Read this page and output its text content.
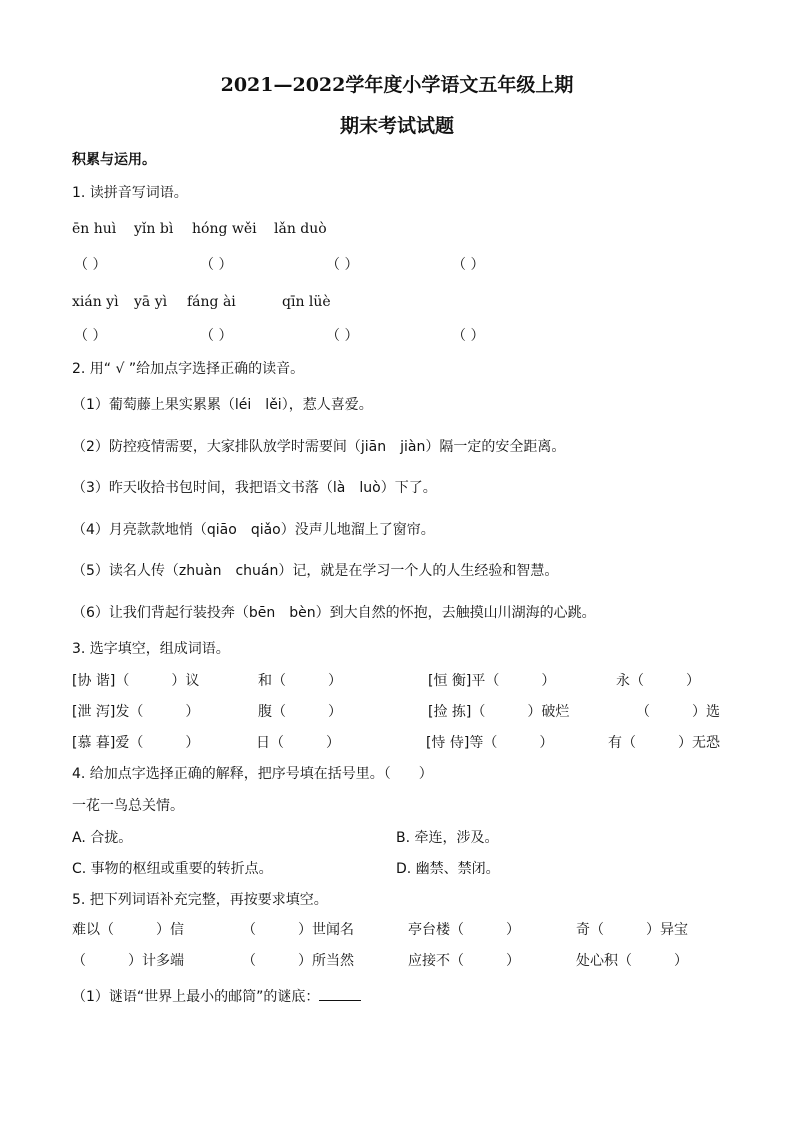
2021—2022学年度小学语文五年级上期
期末考试试题
积累与运用。
1. 读拼音写词语。
ēn huì yǐn bì hóng wěi lǎn duò
（ ）	（ ）	（ ）	（ ）
xián yì yā yì fáng ài	qīn lüè
（ ）	（ ）	（ ）	（ ）
2. 用“ √ ”给加点字选择正确的读音。
（1）葡萄藤上果实累累（léi　lěi），惹人喜爱。
（2）防控疫情需要，大家排队放学时需要间（jiān　jiàn）隔一定的安全距离。
（3）昨天收拾书包时间，我把语文书落（là　luò）下了。
（4）月亮款款地悄（qiāo　qiǎo）没声儿地溜上了窗帘。
（5）读名人传（zhuàn　chuán）记，就是在学习一个人的人生经验和智慧。
（6）让我们背起行装投奔（bēn　bèn）到大自然的怀抱，去触摸山川湖海的心跳。
3. 选字填空，组成词语。
[协 谐]（　　　）议	和（　　　）	[恒 衡]平（　　　）	永（　　　）
[泄 泻]发（　　　）	腹（　　　）	[捡 拣]（　　　）破烂	（　　　）选
[慕 暮]爱（　　　）	日（　　　）	[恃 侍]等（　　　）	有（　　　）无恐
4. 给加点字选择正确的解释，把序号填在括号里。（　　）
一花一鸟总关情。
A. 合拢。	B. 牵连，涉及。
C. 事物的枢纽或重要的转折点。	D. 幽禁、禁闭。
5. 把下列词语补充完整，再按要求填空。
难以（　　　）信	（　　　）世闻名	亭台楼（　　　）	奇（　　　）异宝
（　　　）计多端	（　　　）所当然	应接不（　　　）	处心积（　　　）
（1）谜语“世界上最小的邮筒”的谜底：
